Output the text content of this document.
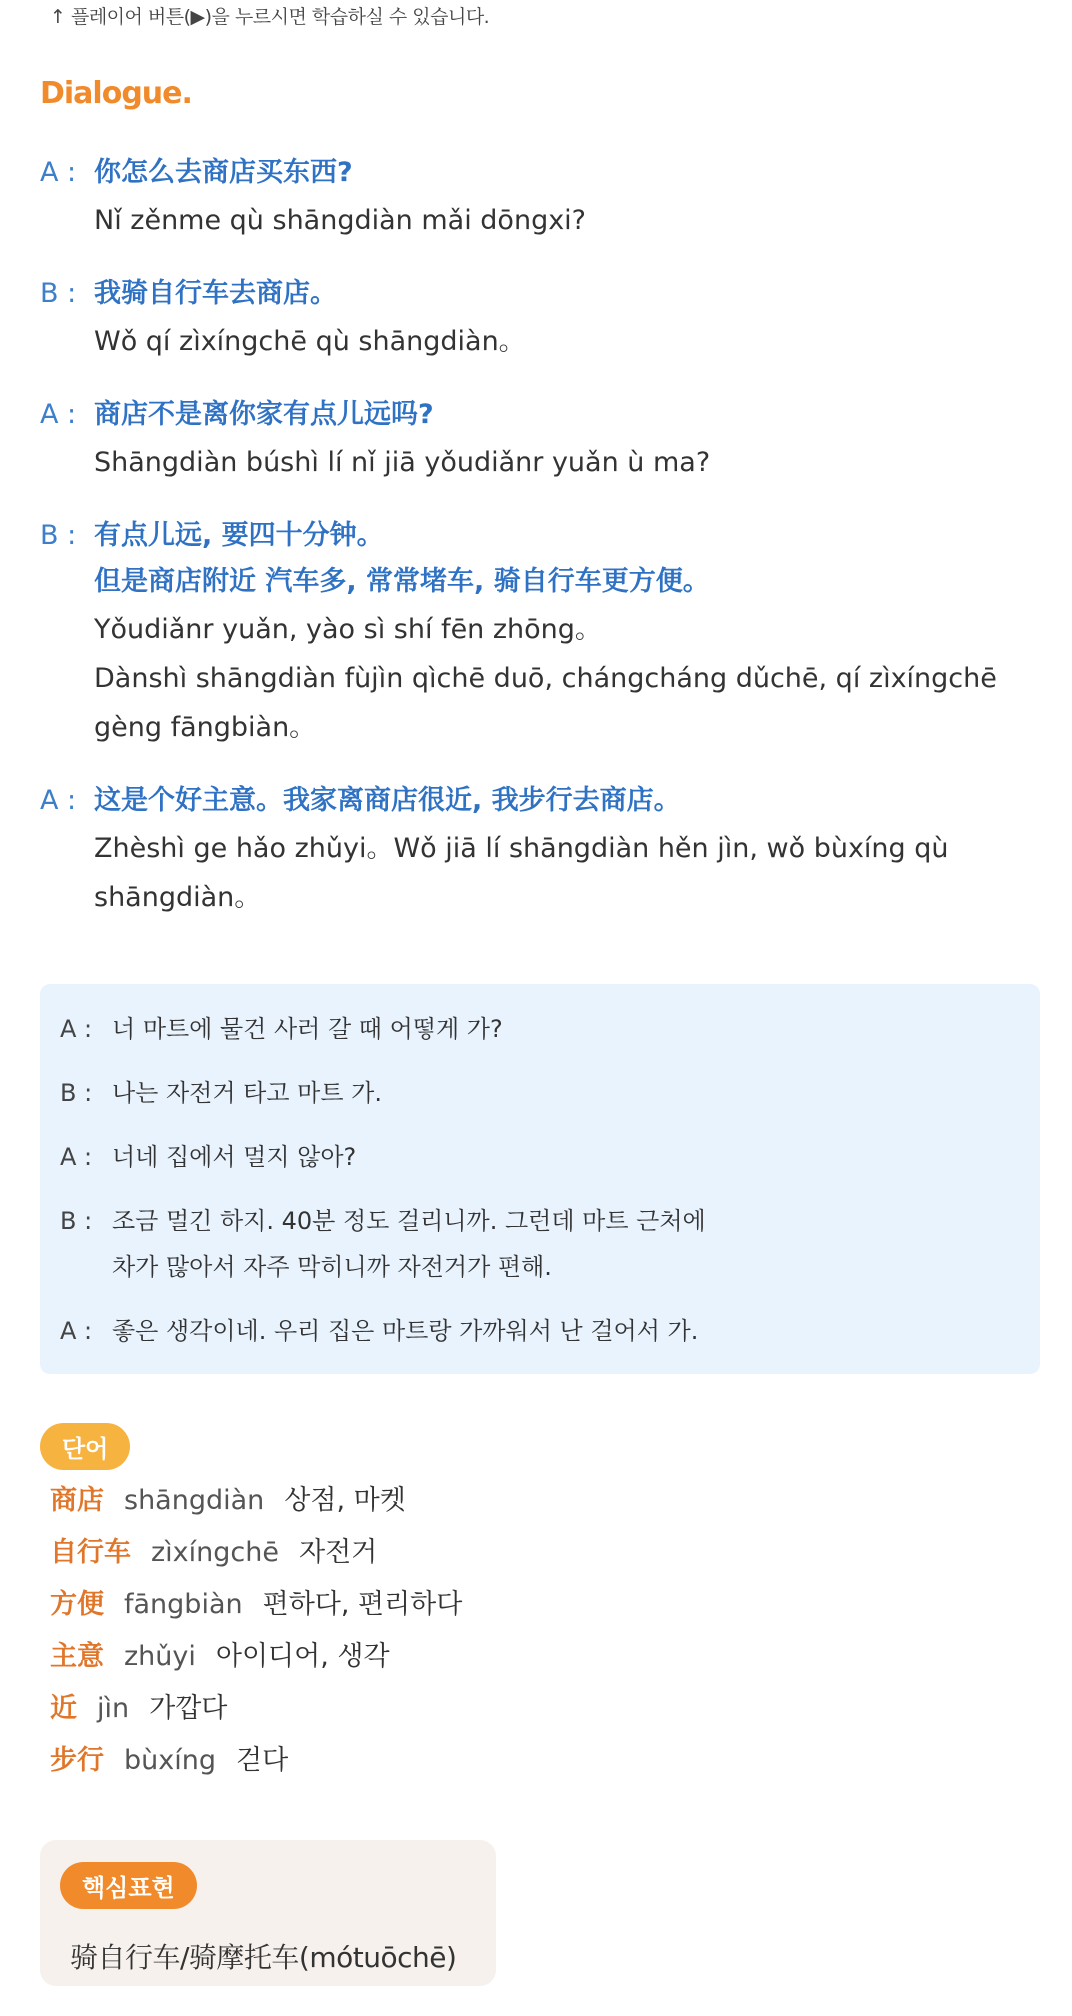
↑ 플레이어 버튼(▶)을 누르시면 학습하실 수 있습니다.
Dialogue.
A : 你怎么去商店买东西?
Nǐ zěnme qù shāngdiàn mǎi dōngxi?
B : 我骑自行车去商店。
Wǒ qí zìxíngchē qù shāngdiàn。
A : 商店不是离你家有点儿远吗?
Shāngdiàn búshì lí nǐ jiā yǒudiǎnr yuǎn ù ma?
B : 有点儿远, 要四十分钟。
但是商店附近 汽车多, 常常堵车, 骑自行车更方便。
Yǒudiǎnr yuǎn, yào sì shí fēn zhōng。
Dànshì shāngdiàn fùjìn qìchē duō, chángcháng dǔchē, qí zìxíngchē
gèng fāngbiàn。
A : 这是个好主意。我家离商店很近, 我步行去商店。
Zhèshì ge hǎo zhǔyi。Wǒ jiā lí shāngdiàn hěn jìn, wǒ bùxíng qù
shāngdiàn。
A : 너 마트에 물건 사러 갈 때 어떻게 가?
B : 나는 자전거 타고 마트 가.
A : 너네 집에서 멀지 않아?
B : 조금 멀긴 하지. 40분 정도 걸리니까. 그런데 마트 근처에
차가 많아서 자주 막히니까 자전거가 편해.
A : 좋은 생각이네. 우리 집은 마트랑 가까워서 난 걸어서 가.
단어
商店 shāngdiàn 상점, 마켓
自行车 zìxíngchē 자전거
方便 fāngbiàn 편하다, 편리하다
主意 zhǔyi 아이디어, 생각
近 jìn 가깝다
步行 bùxíng 걷다
핵심표현
骑自行车/骑摩托车(mótuōchē)
